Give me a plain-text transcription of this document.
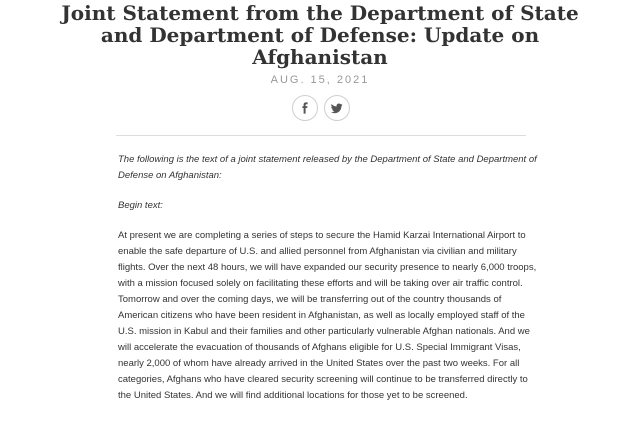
Joint Statement from the Department of State and Department of Defense: Update on Afghanistan
AUG. 15, 2021

The following is the text of a joint statement released by the Department of State and Department of Defense on Afghanistan:

Begin text:

At present we are completing a series of steps to secure the Hamid Karzai International Airport to enable the safe departure of U.S. and allied personnel from Afghanistan via civilian and military flights. Over the next 48 hours, we will have expanded our security presence to nearly 6,000 troops, with a mission focused solely on facilitating these efforts and will be taking over air traffic control. Tomorrow and over the coming days, we will be transferring out of the country thousands of American citizens who have been resident in Afghanistan, as well as locally employed staff of the U.S. mission in Kabul and their families and other particularly vulnerable Afghan nationals. And we will accelerate the evacuation of thousands of Afghans eligible for U.S. Special Immigrant Visas, nearly 2,000 of whom have already arrived in the United States over the past two weeks. For all categories, Afghans who have cleared security screening will continue to be transferred directly to the United States. And we will find additional locations for those yet to be screened.
